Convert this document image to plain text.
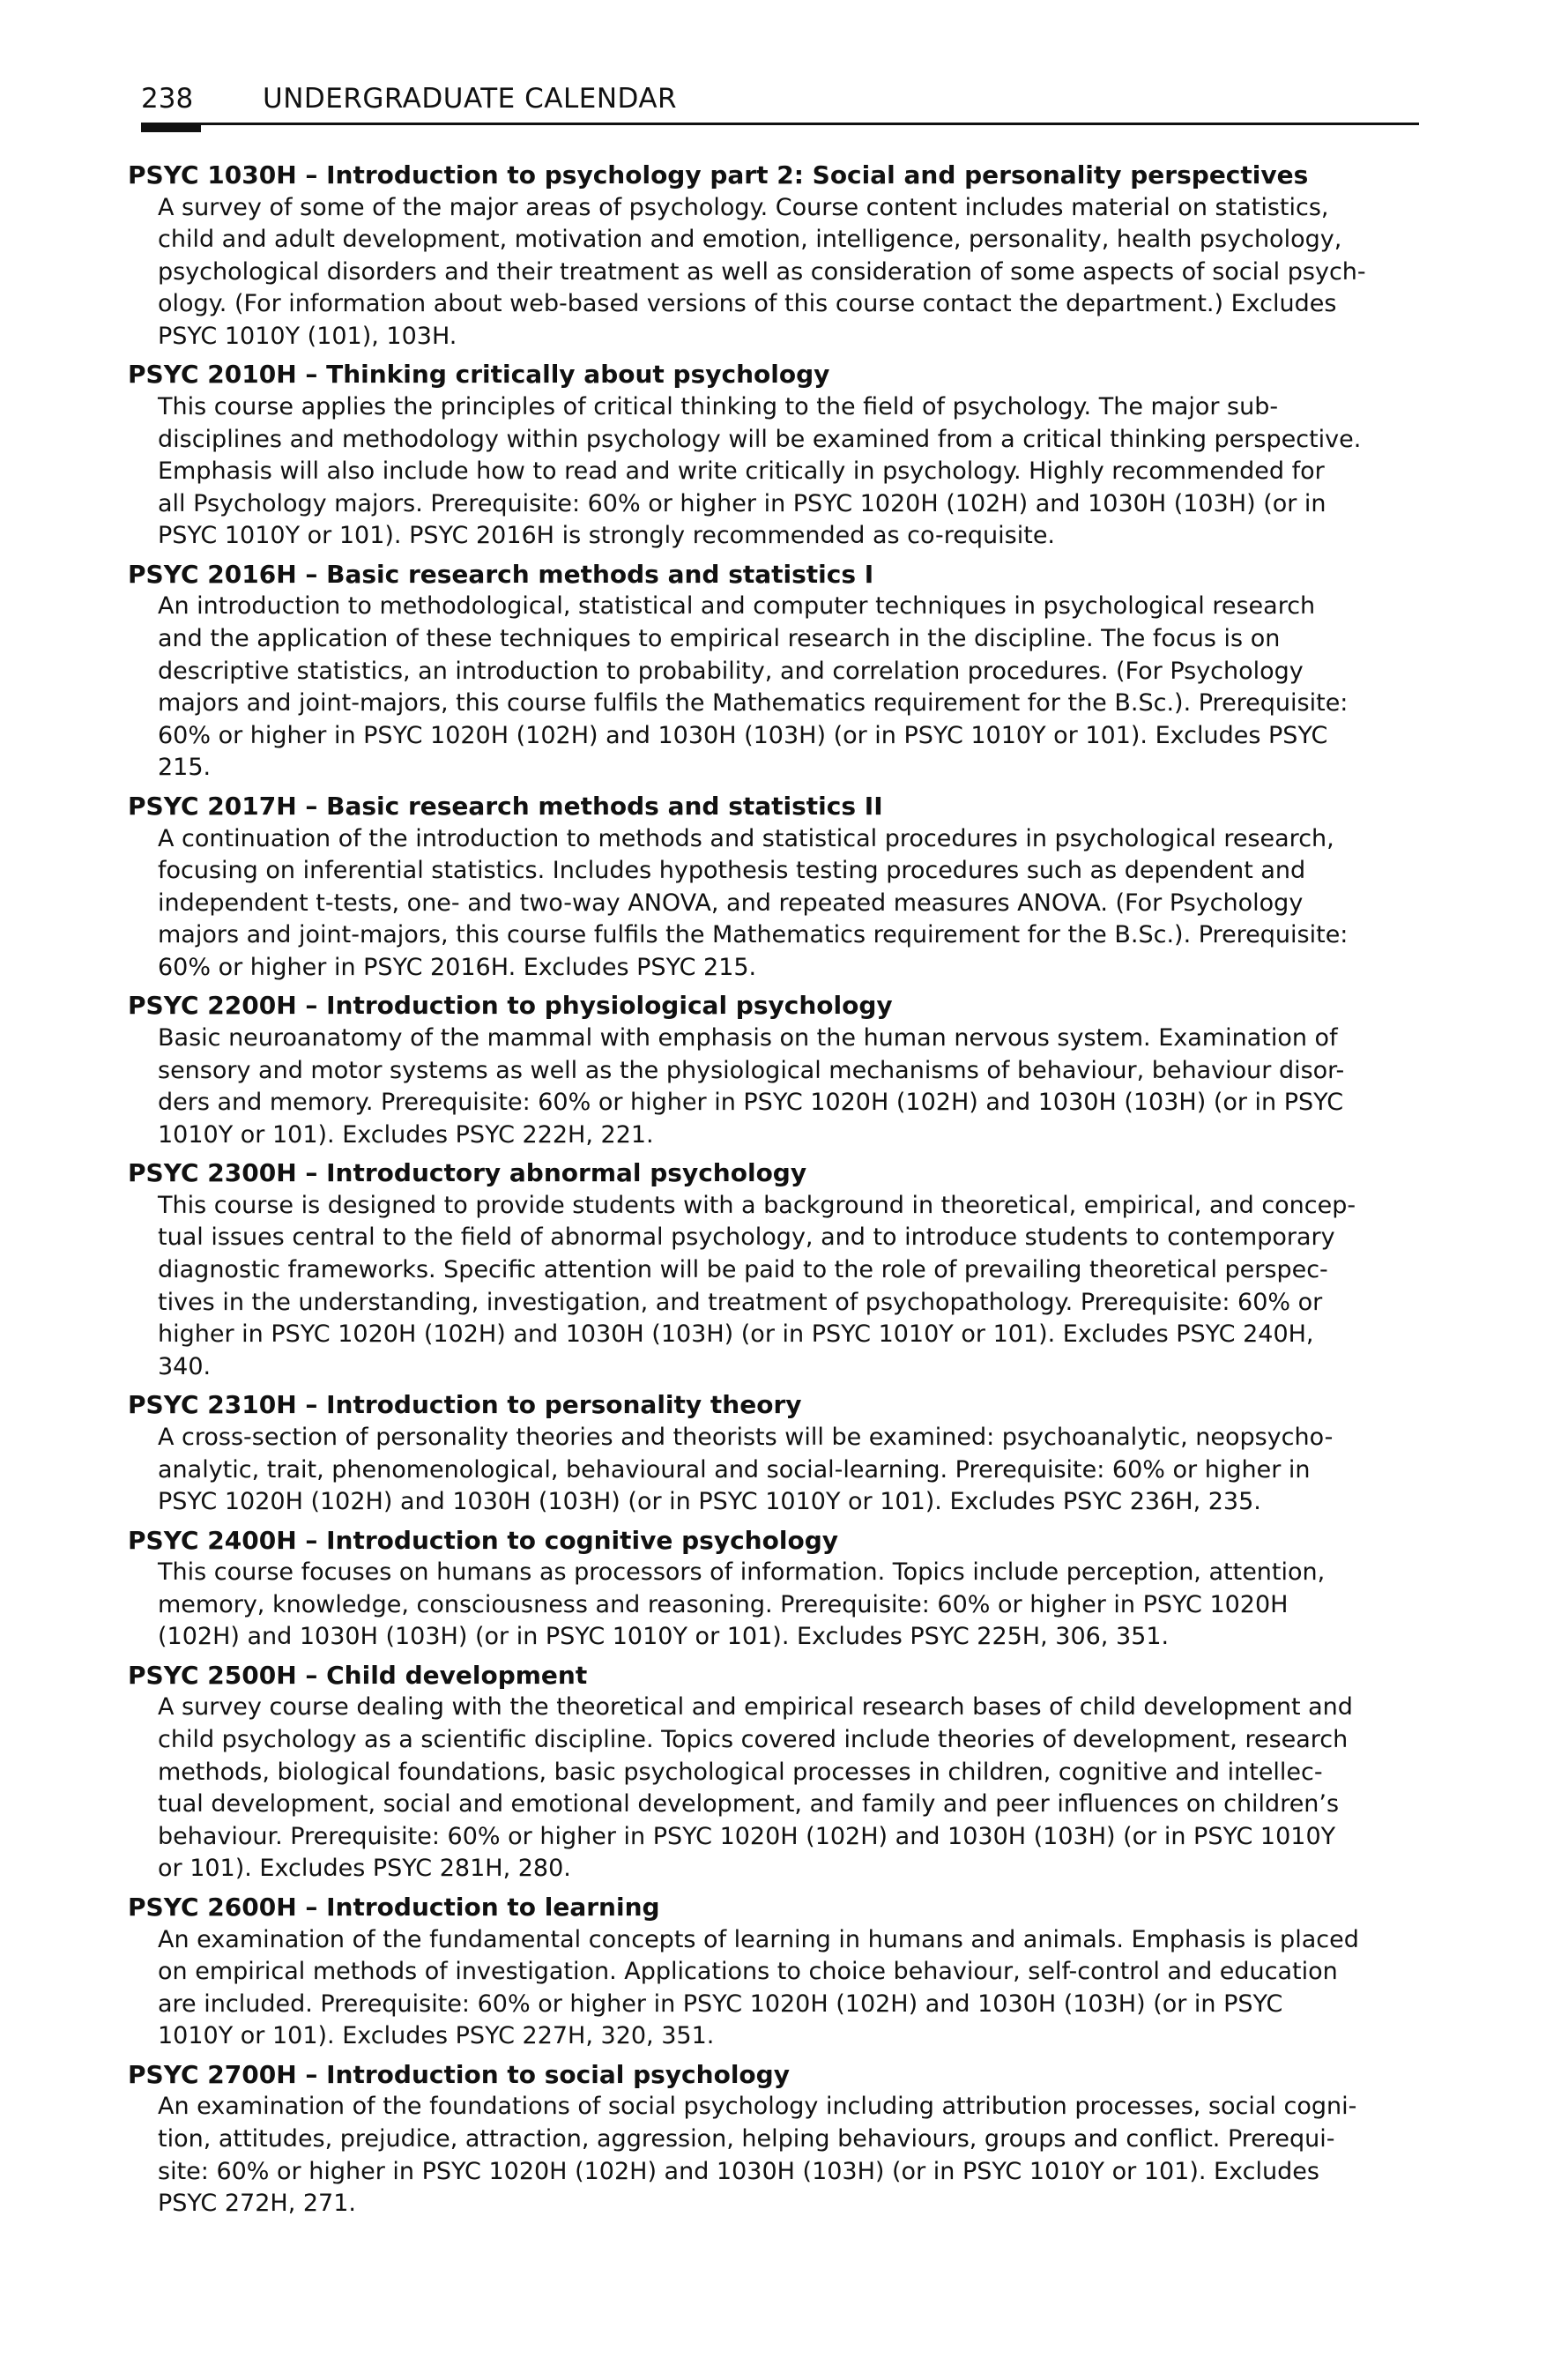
238	UNDERGRADUATE CALENDAR
PSYC 1030H – Introduction to psychology part 2: Social and personality perspectives
A survey of some of the major areas of psychology. Course content includes material on statistics,
child and adult development, motivation and emotion, intelligence, personality, health psychology,
psychological disorders and their treatment as well as consideration of some aspects of social psych-
ology. (For information about web-based versions of this course contact the department.) Excludes
PSYC 1010Y (101), 103H.
PSYC 2010H – Thinking critically about psychology
This course applies the principles of critical thinking to the field of psychology. The major sub-
disciplines and methodology within psychology will be examined from a critical thinking perspective.
Emphasis will also include how to read and write critically in psychology. Highly recommended for
all Psychology majors. Prerequisite: 60% or higher in PSYC 1020H (102H) and 1030H (103H) (or in
PSYC 1010Y or 101). PSYC 2016H is strongly recommended as co-requisite.
PSYC 2016H – Basic research methods and statistics I
An introduction to methodological, statistical and computer techniques in psychological research
and the application of these techniques to empirical research in the discipline. The focus is on
descriptive statistics, an introduction to probability, and correlation procedures. (For Psychology
majors and joint-majors, this course fulfils the Mathematics requirement for the B.Sc.). Prerequisite:
60% or higher in PSYC 1020H (102H) and 1030H (103H) (or in PSYC 1010Y or 101). Excludes PSYC
215.
PSYC 2017H – Basic research methods and statistics II
A continuation of the introduction to methods and statistical procedures in psychological research,
focusing on inferential statistics. Includes hypothesis testing procedures such as dependent and
independent t-tests, one- and two-way ANOVA, and repeated measures ANOVA. (For Psychology
majors and joint-majors, this course fulfils the Mathematics requirement for the B.Sc.). Prerequisite:
60% or higher in PSYC 2016H. Excludes PSYC 215.
PSYC 2200H – Introduction to physiological psychology
Basic neuroanatomy of the mammal with emphasis on the human nervous system. Examination of
sensory and motor systems as well as the physiological mechanisms of behaviour, behaviour disor-
ders and memory. Prerequisite: 60% or higher in PSYC 1020H (102H) and 1030H (103H) (or in PSYC
1010Y or 101). Excludes PSYC 222H, 221.
PSYC 2300H – Introductory abnormal psychology
This course is designed to provide students with a background in theoretical, empirical, and concep-
tual issues central to the field of abnormal psychology, and to introduce students to contemporary
diagnostic frameworks. Specific attention will be paid to the role of prevailing theoretical perspec-
tives in the understanding, investigation, and treatment of psychopathology. Prerequisite: 60% or
higher in PSYC 1020H (102H) and 1030H (103H) (or in PSYC 1010Y or 101). Excludes PSYC 240H,
340.
PSYC 2310H – Introduction to personality theory
A cross-section of personality theories and theorists will be examined: psychoanalytic, neopsycho-
analytic, trait, phenomenological, behavioural and social-learning. Prerequisite: 60% or higher in
PSYC 1020H (102H) and 1030H (103H) (or in PSYC 1010Y or 101). Excludes PSYC 236H, 235.
PSYC 2400H – Introduction to cognitive psychology
This course focuses on humans as processors of information. Topics include perception, attention,
memory, knowledge, consciousness and reasoning. Prerequisite: 60% or higher in PSYC 1020H
(102H) and 1030H (103H) (or in PSYC 1010Y or 101). Excludes PSYC 225H, 306, 351.
PSYC 2500H – Child development
A survey course dealing with the theoretical and empirical research bases of child development and
child psychology as a scientific discipline. Topics covered include theories of development, research
methods, biological foundations, basic psychological processes in children, cognitive and intellec-
tual development, social and emotional development, and family and peer influences on children’s
behaviour. Prerequisite: 60% or higher in PSYC 1020H (102H) and 1030H (103H) (or in PSYC 1010Y
or 101). Excludes PSYC 281H, 280.
PSYC 2600H – Introduction to learning
An examination of the fundamental concepts of learning in humans and animals. Emphasis is placed
on empirical methods of investigation. Applications to choice behaviour, self-control and education
are included. Prerequisite: 60% or higher in PSYC 1020H (102H) and 1030H (103H) (or in PSYC
1010Y or 101). Excludes PSYC 227H, 320, 351.
PSYC 2700H – Introduction to social psychology
An examination of the foundations of social psychology including attribution processes, social cogni-
tion, attitudes, prejudice, attraction, aggression, helping behaviours, groups and conflict. Prerequi-
site: 60% or higher in PSYC 1020H (102H) and 1030H (103H) (or in PSYC 1010Y or 101). Excludes
PSYC 272H, 271.
